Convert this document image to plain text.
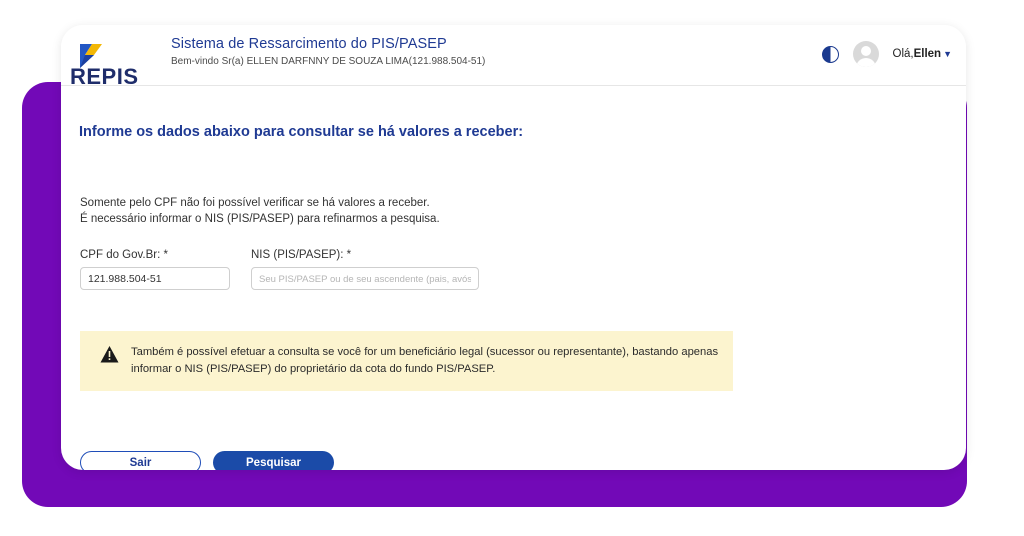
REPIS
Sistema de Ressarcimento do PIS/PASEP
Bem-vindo Sr(a) ELLEN DARFNNY DE SOUZA LIMA(121.988.504-51)
Olá,Ellen ▼
Informe os dados abaixo para consultar se há valores a receber:
Somente pelo CPF não foi possível verificar se há valores a receber.
É necessário informar o NIS (PIS/PASEP) para refinarmos a pesquisa.
CPF do Gov.Br: *
121.988.504-51	NIS (PIS/PASEP): *
Seu PIS/PASEP ou de seu ascendente (pais, avós, etc.)
Também é possível efetuar a consulta se você for um beneficiário legal (sucessor ou representante), bastando apenas informar o NIS (PIS/PASEP) do proprietário da cota do fundo PIS/PASEP.
Sair	Pesquisar
